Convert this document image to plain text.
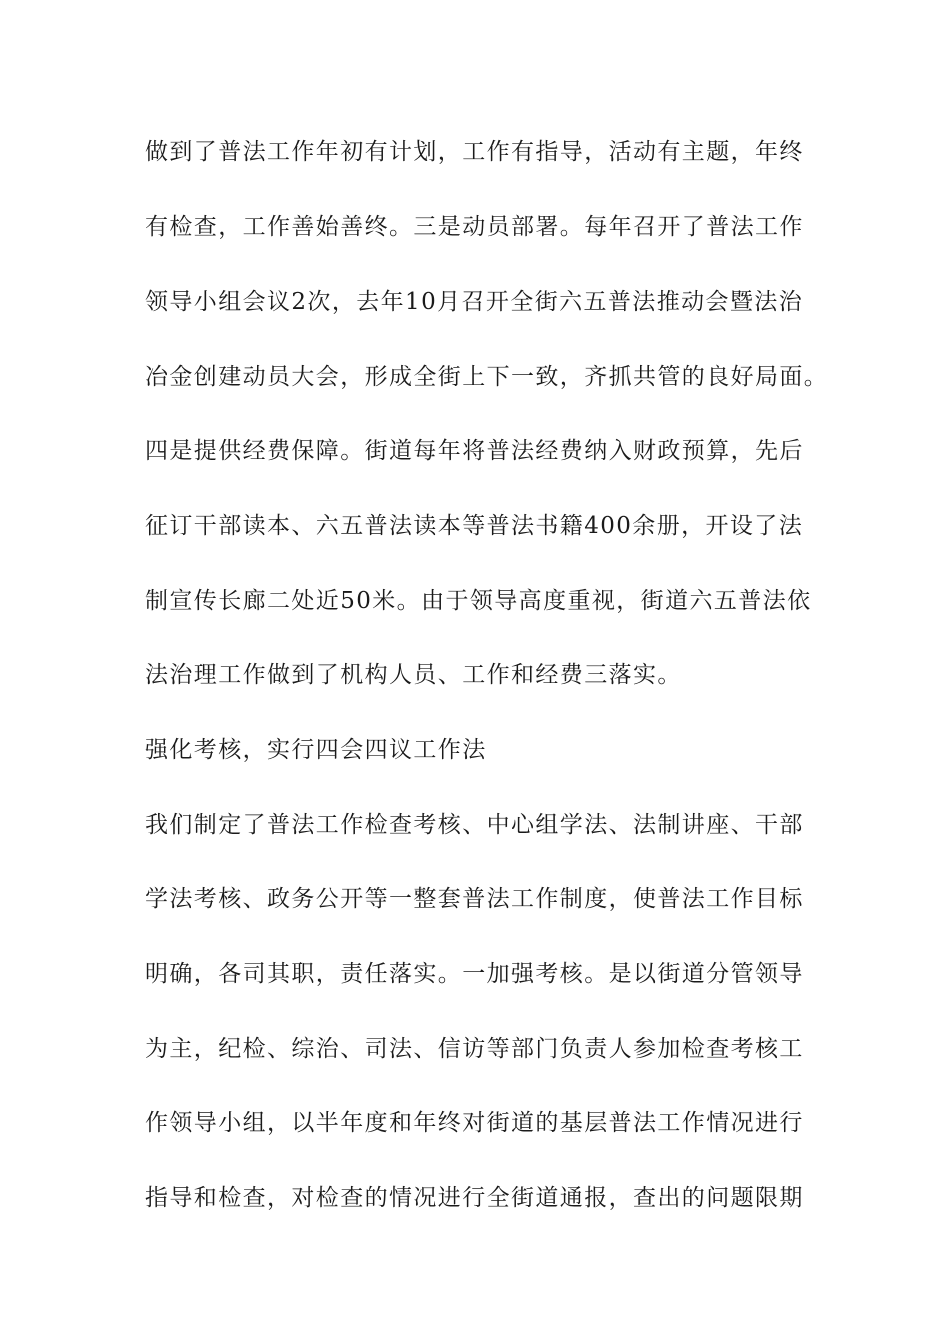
做到了普法工作年初有计划，工作有指导，活动有主题，年终
有检查，工作善始善终。三是动员部署。每年召开了普法工作
领导小组会议2次，去年10月召开全街六五普法推动会暨法治
冶金创建动员大会，形成全街上下一致，齐抓共管的良好局面。
四是提供经费保障。街道每年将普法经费纳入财政预算，先后
征订干部读本、六五普法读本等普法书籍400余册，开设了法
制宣传长廊二处近50米。由于领导高度重视，街道六五普法依
法治理工作做到了机构人员、工作和经费三落实。
强化考核，实行四会四议工作法
我们制定了普法工作检查考核、中心组学法、法制讲座、干部
学法考核、政务公开等一整套普法工作制度，使普法工作目标
明确，各司其职，责任落实。一加强考核。是以街道分管领导
为主，纪检、综治、司法、信访等部门负责人参加检查考核工
作领导小组，以半年度和年终对街道的基层普法工作情况进行
指导和检查，对检查的情况进行全街道通报，查出的问题限期
